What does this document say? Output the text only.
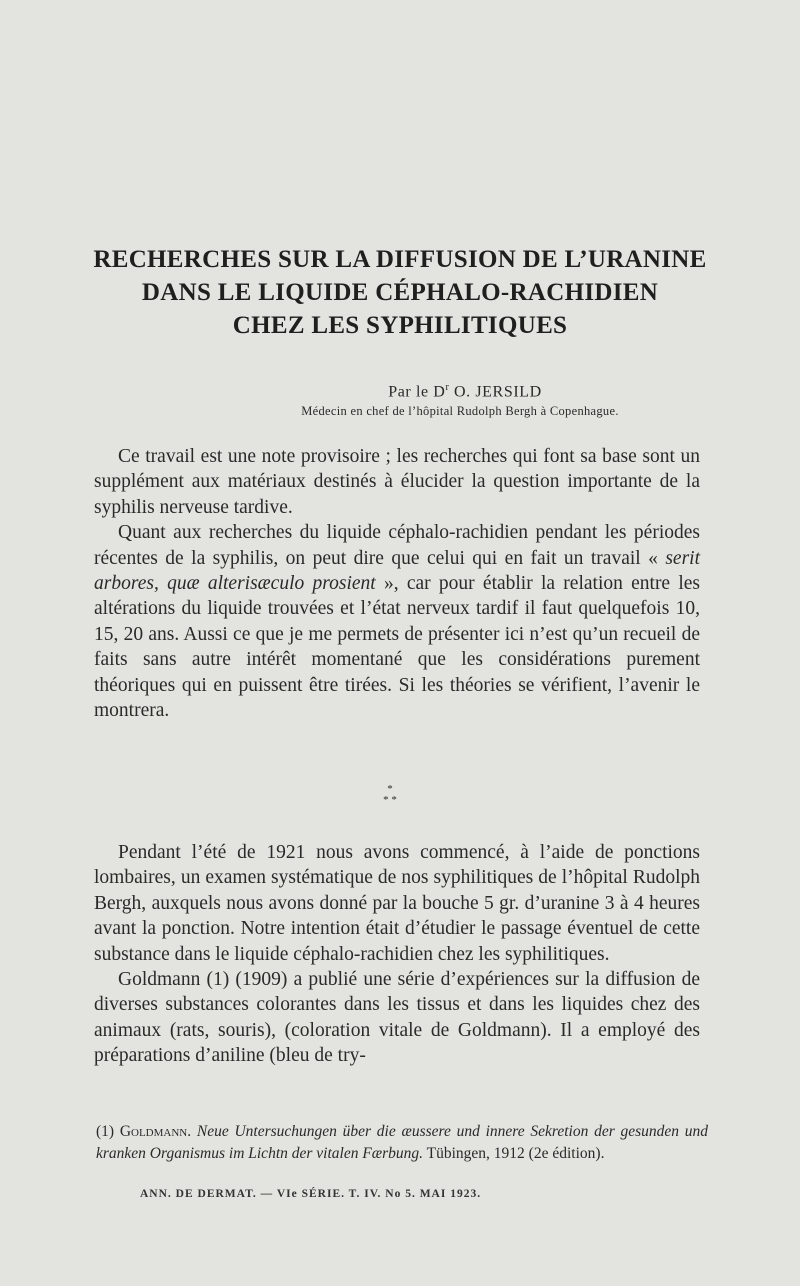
RECHERCHES SUR LA DIFFUSION DE L’URANINE
DANS LE LIQUIDE CÉPHALO-RACHIDIEN
CHEZ LES SYPHILITIQUES
Par le $D^r$ O. JERSILD
Médecin en chef de l’hôpital Rudolph Bergh à Copenhague.

Ce travail est une note provisoire ; les recherches qui font sa base sont un supplément aux matériaux destinés à élucider la question importante de la syphilis nerveuse tardive.

Quant aux recherches du liquide céphalo-rachidien pendant les périodes récentes de la syphilis, on peut dire que celui qui en fait un travail « serit arbores, quæ alterisæculo prosient », car pour établir la relation entre les altérations du liquide trouvées et l’état nerveux tardif il faut quelquefois 10, 15, 20 ans. Aussi ce que je me permets de présenter ici n’est qu’un recueil de faits sans autre intérêt momentané que les considérations purement théoriques qui en puissent être tirées. Si les théories se vérifient, l’avenir le montrera.

*
* *

Pendant l’été de 1921 nous avons commencé, à l’aide de ponctions lombaires, un examen systématique de nos syphilitiques de l’hôpital Rudolph Bergh, auxquels nous avons donné par la bouche 5 gr. d’uranine 3 à 4 heures avant la ponction. Notre intention était d’étudier le passage éventuel de cette substance dans le liquide céphalo-rachidien chez les syphilitiques.

Goldmann (1) (1909) a publié une série d’expériences sur la diffusion de diverses substances colorantes dans les tissus et dans les liquides chez des animaux (rats, souris), (coloration vitale de Goldmann). Il a employé des préparations d’aniline (bleu de try-

(1) Goldmann. Neue Untersuchungen über die æussere und innere Sekretion der gesunden und kranken Organismus im Lichtn der vitalen Færbung. Tübingen, 1912 (2e édition).
ANN. DE DERMAT. — VIe SÉRIE. T. IV. No 5. MAI 1923.
